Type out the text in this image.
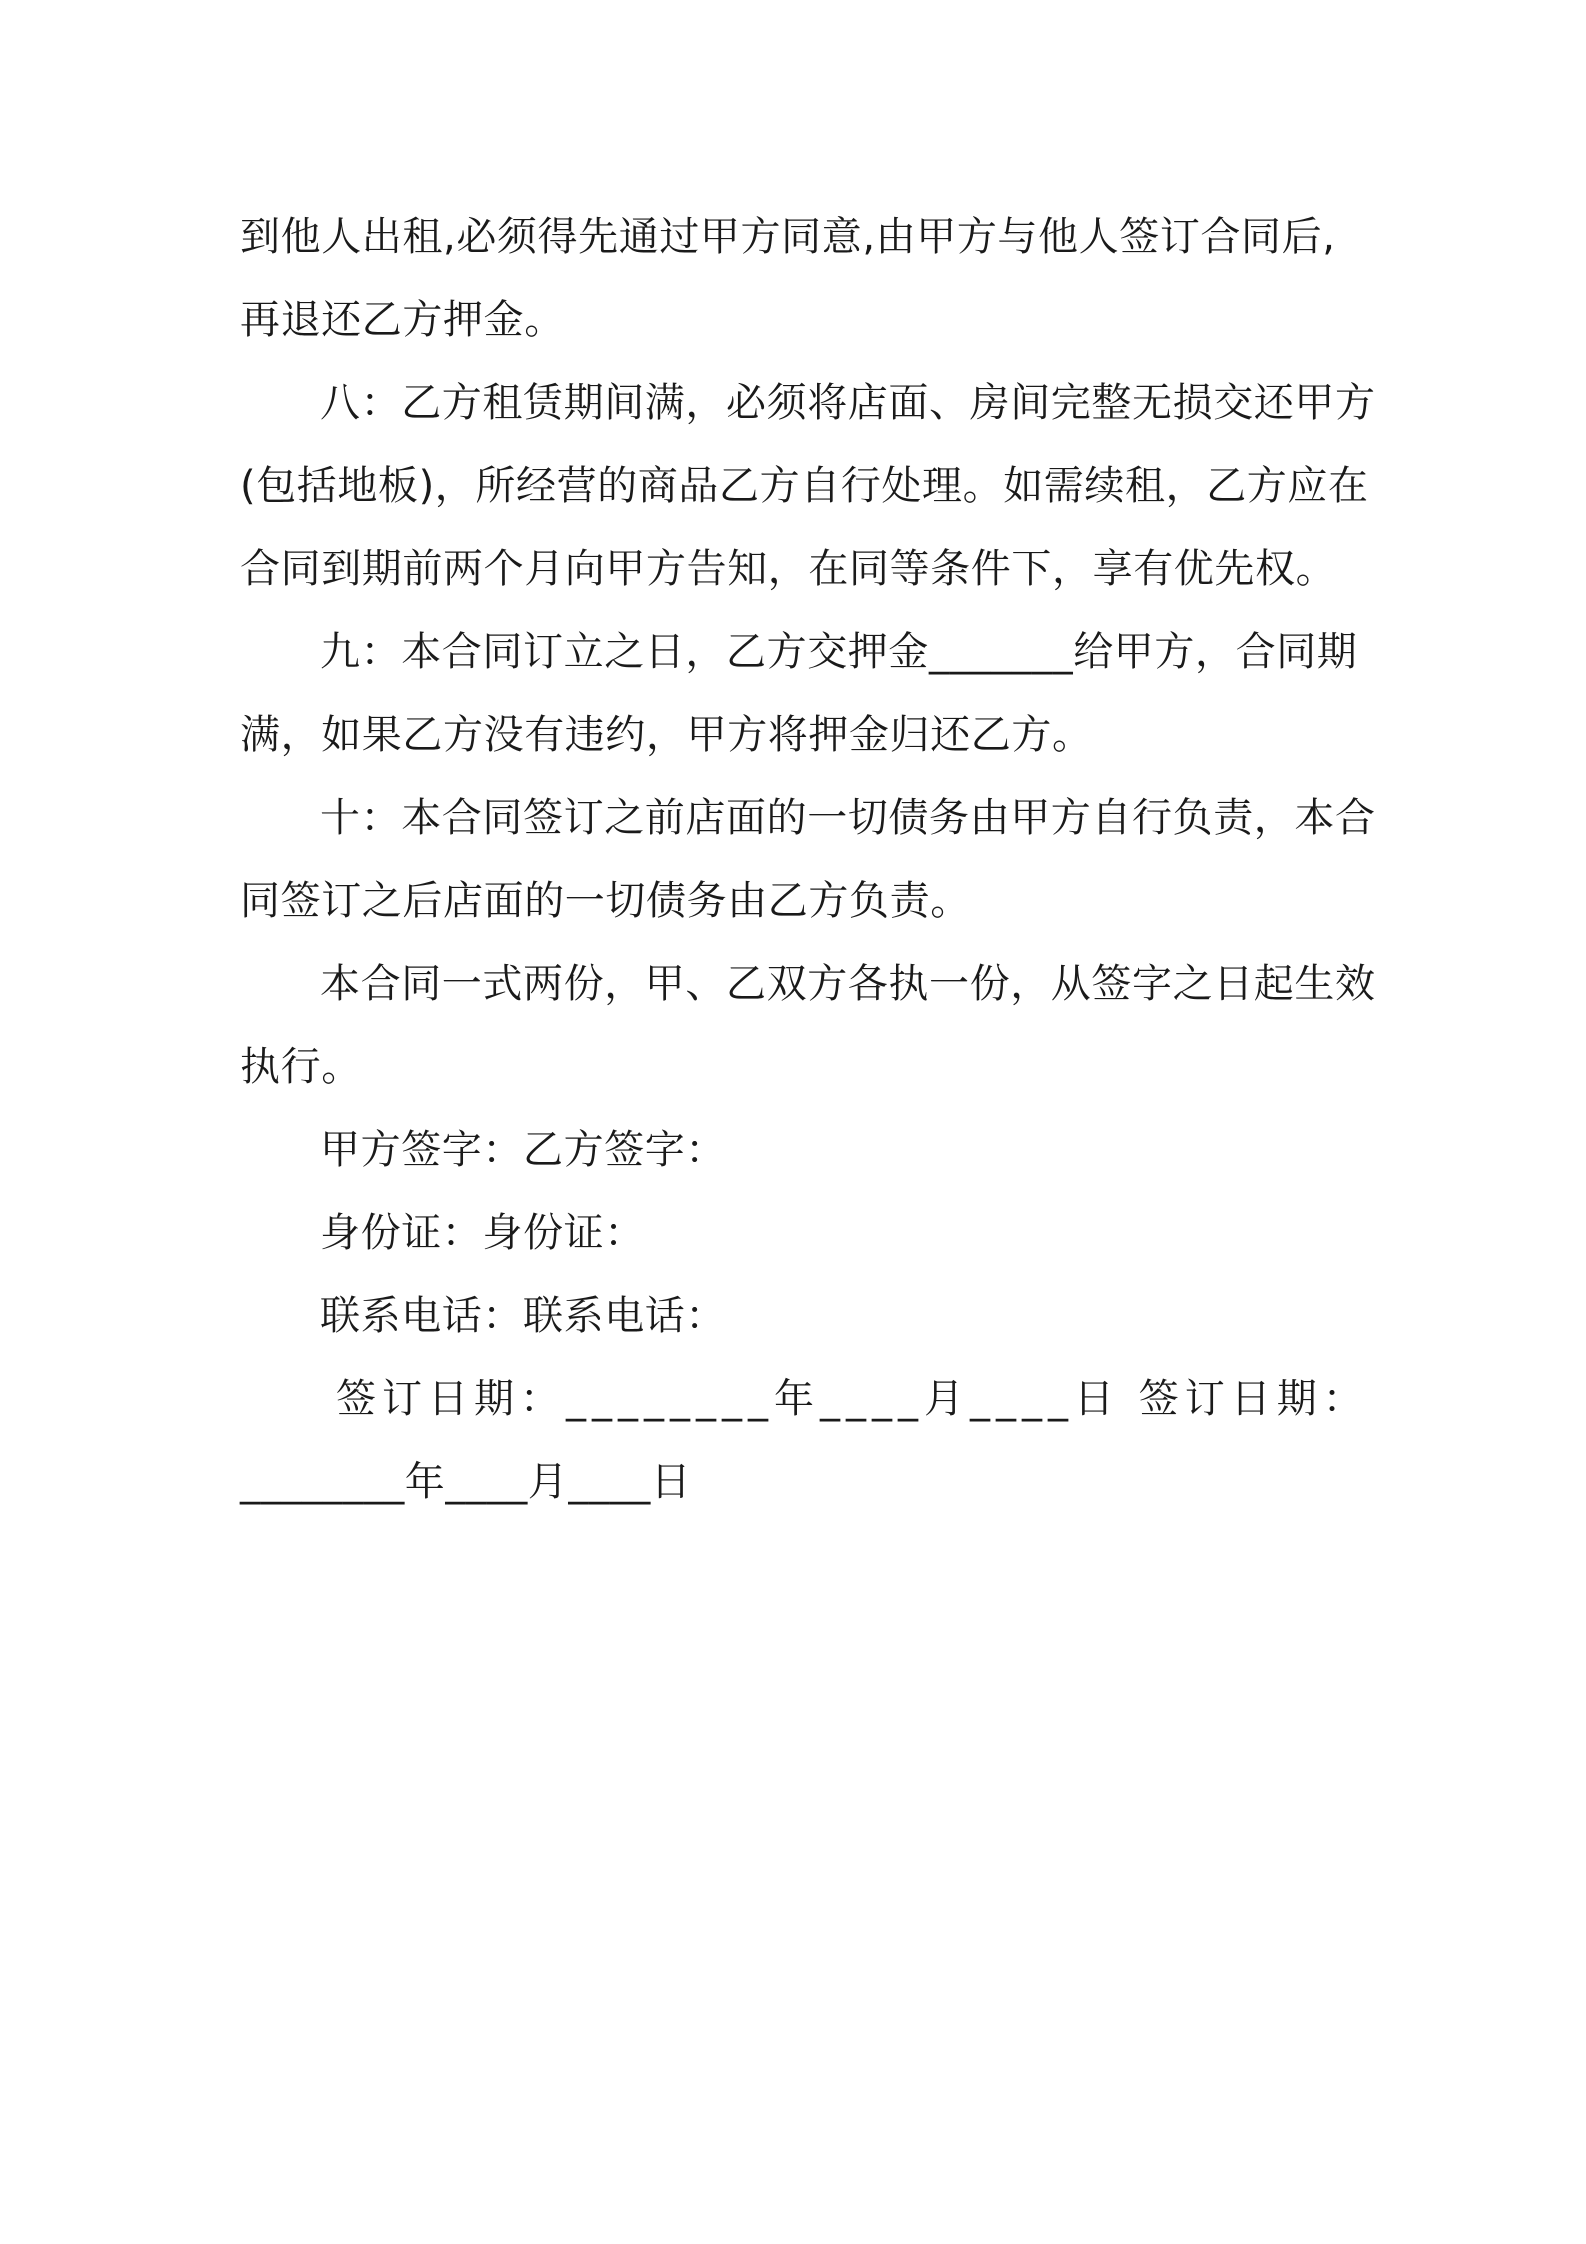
到他人出租,必须得先通过甲方同意,由甲方与他人签订合同后,
再退还乙方押金。
八：乙方租赁期间满，必须将店面、房间完整无损交还甲方
(包括地板)，所经营的商品乙方自行处理。如需续租，乙方应在
合同到期前两个月向甲方告知，在同等条件下，享有优先权。
九：本合同订立之日，乙方交押金_______给甲方，合同期
满，如果乙方没有违约，甲方将押金归还乙方。
十：本合同签订之前店面的一切债务由甲方自行负责，本合
同签订之后店面的一切债务由乙方负责。
本合同一式两份，甲、乙双方各执一份，从签字之日起生效
执行。
甲方签字：乙方签字：
身份证：身份证：
联系电话：联系电话：
签订日期：________年____月____日 签订日期：
________年____月____日
